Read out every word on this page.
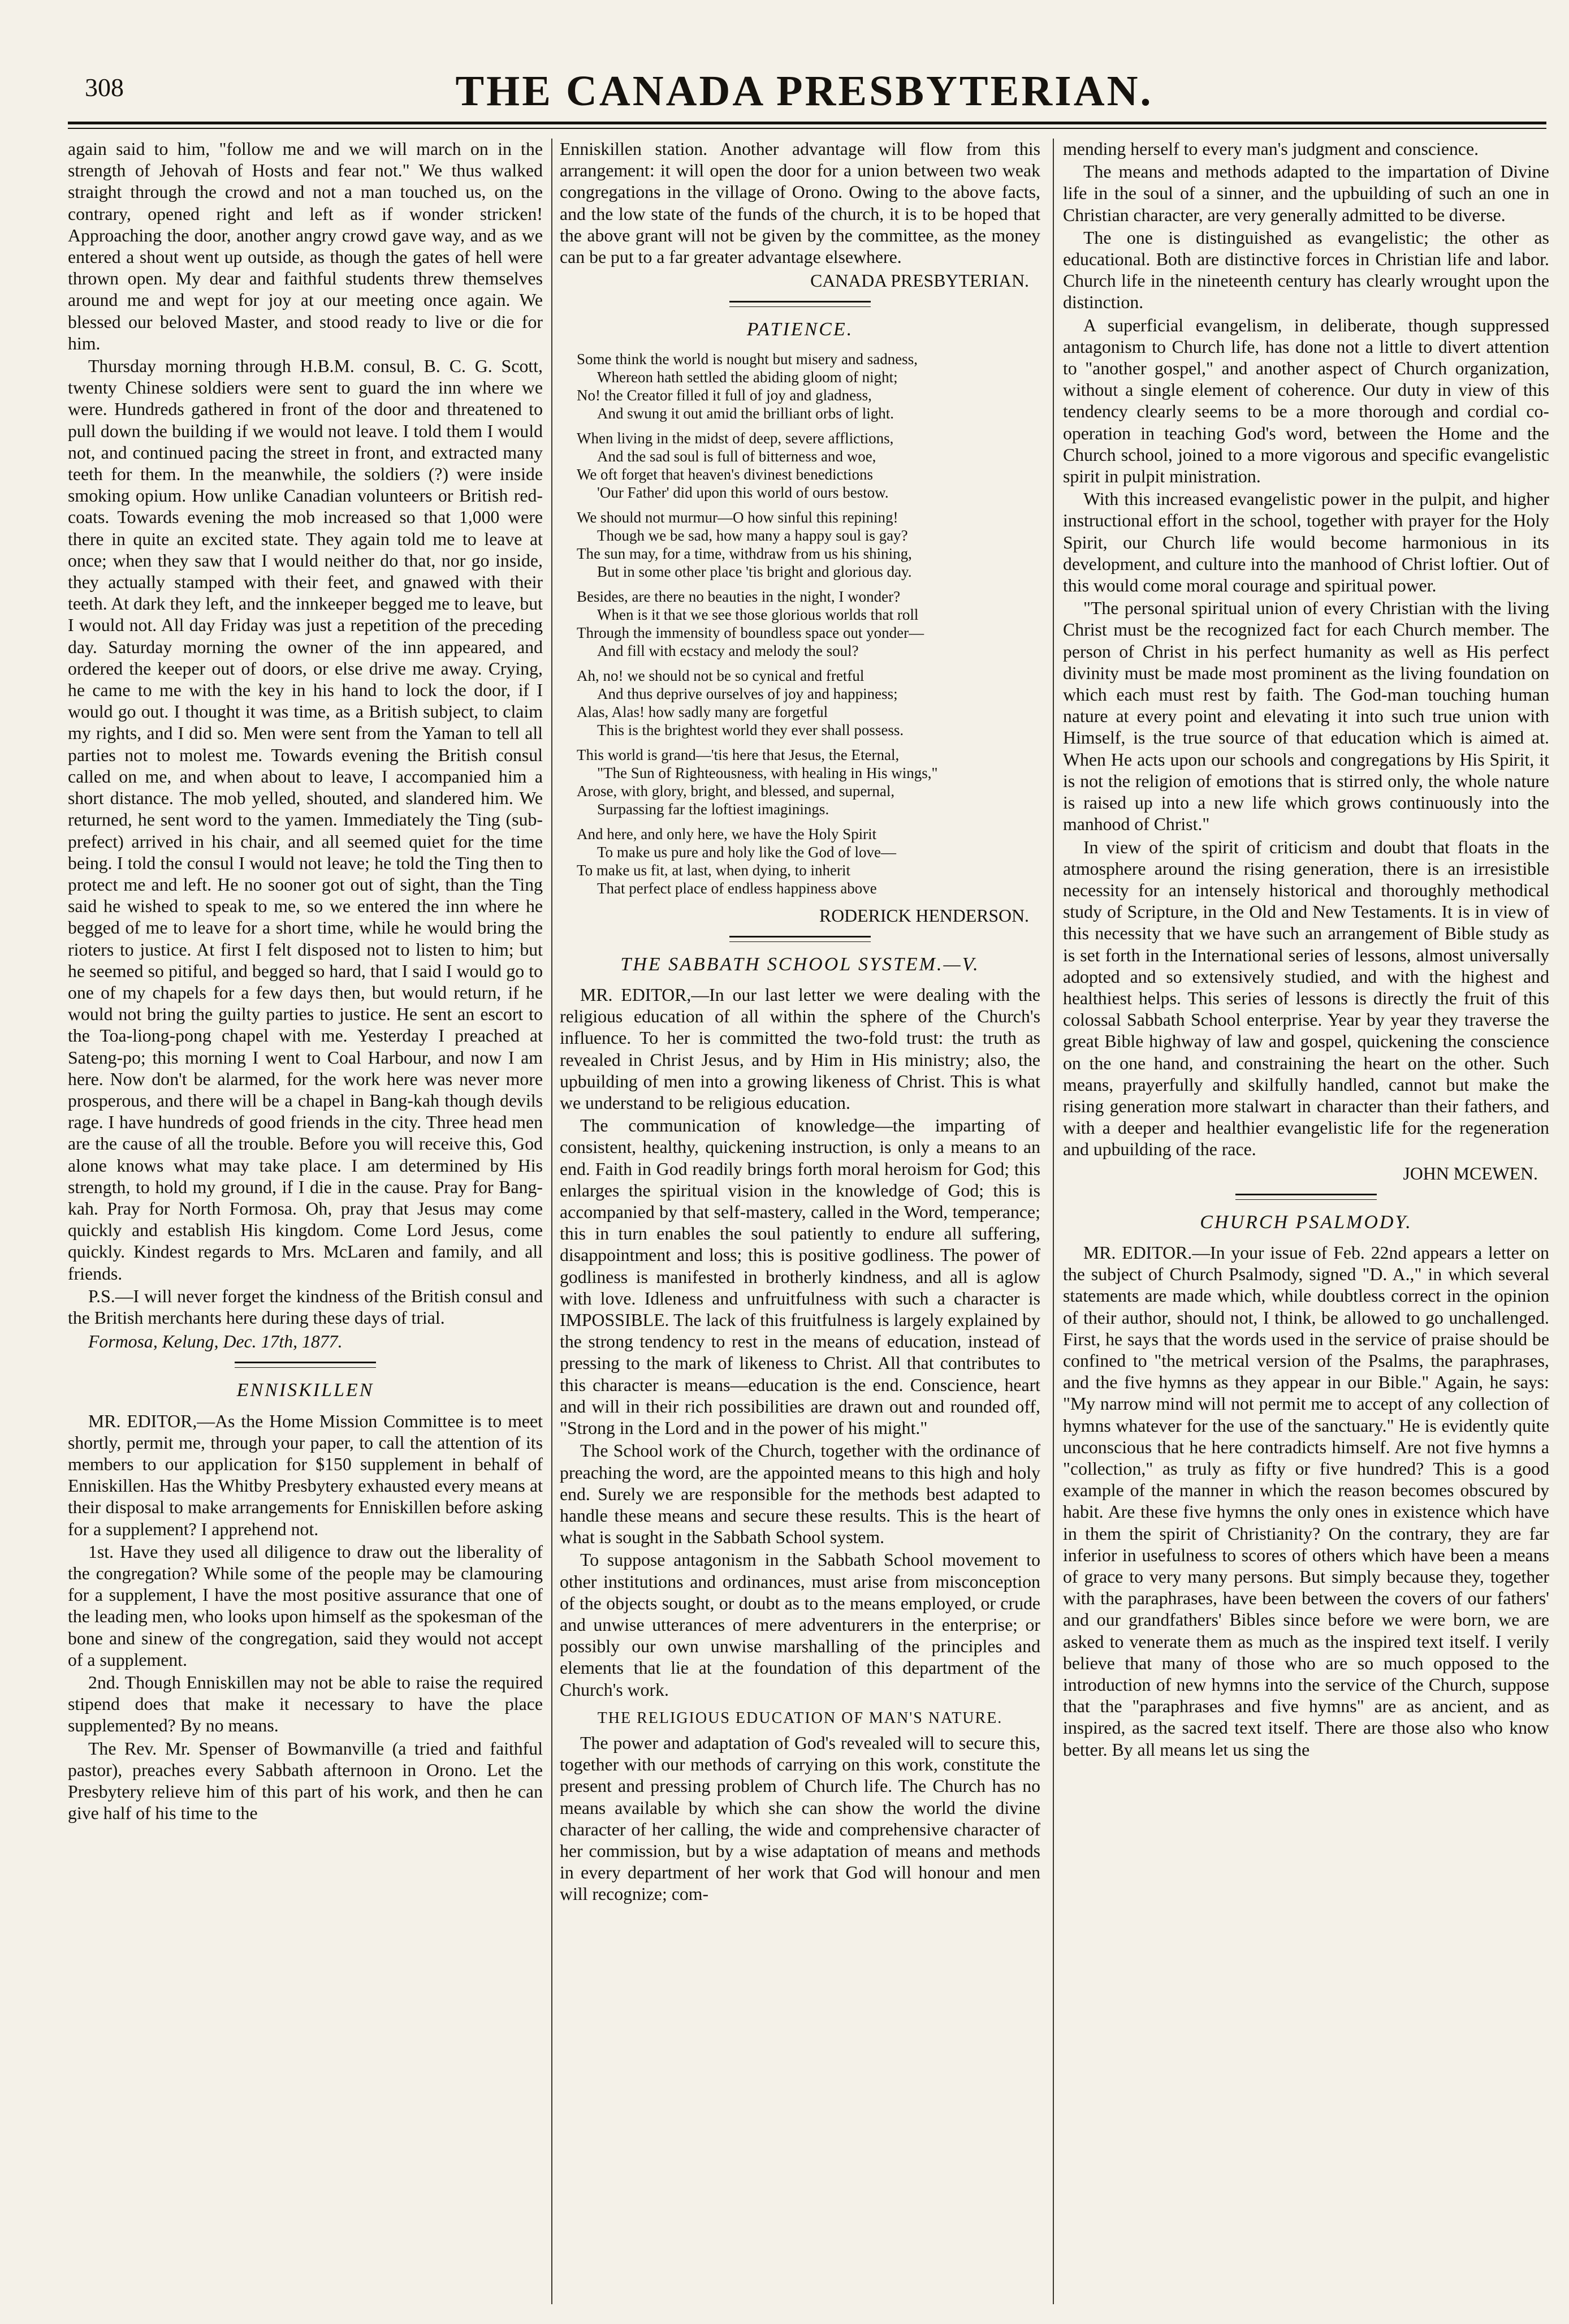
308	THE CANADA PRESBYTERIAN.

again said to him, "follow me and we will march on in the strength of Jehovah of Hosts and fear not." We thus walked straight through the crowd and not a man touched us, on the contrary, opened right and left as if wonder stricken! Approaching the door, another angry crowd gave way, and as we entered a shout went up outside, as though the gates of hell were thrown open. My dear and faithful students threw themselves around me and wept for joy at our meeting once again. We blessed our beloved Master, and stood ready to live or die for him.

Thursday morning through H.B.M. consul, B. C. G. Scott, twenty Chinese soldiers were sent to guard the inn where we were. Hundreds gathered in front of the door and threatened to pull down the building if we would not leave. I told them I would not, and continued pacing the street in front, and extracted many teeth for them. In the meanwhile, the soldiers (?) were inside smoking opium. How unlike Canadian volunteers or British red-coats. Towards evening the mob increased so that 1,000 were there in quite an excited state. They again told me to leave at once; when they saw that I would neither do that, nor go inside, they actually stamped with their feet, and gnawed with their teeth. At dark they left, and the innkeeper begged me to leave, but I would not. All day Friday was just a repetition of the preceding day. Saturday morning the owner of the inn appeared, and ordered the keeper out of doors, or else drive me away. Crying, he came to me with the key in his hand to lock the door, if I would go out. I thought it was time, as a British subject, to claim my rights, and I did so. Men were sent from the Yaman to tell all parties not to molest me. Towards evening the British consul called on me, and when about to leave, I accompanied him a short distance. The mob yelled, shouted, and slandered him. We returned, he sent word to the yamen. Immediately the Ting (sub-prefect) arrived in his chair, and all seemed quiet for the time being. I told the consul I would not leave; he told the Ting then to protect me and left. He no sooner got out of sight, than the Ting said he wished to speak to me, so we entered the inn where he begged of me to leave for a short time, while he would bring the rioters to justice. At first I felt disposed not to listen to him; but he seemed so pitiful, and begged so hard, that I said I would go to one of my chapels for a few days then, but would return, if he would not bring the guilty parties to justice. He sent an escort to the Toa-liong-pong chapel with me. Yesterday I preached at Sateng-po; this morning I went to Coal Harbour, and now I am here. Now don't be alarmed, for the work here was never more prosperous, and there will be a chapel in Bang-kah though devils rage. I have hundreds of good friends in the city. Three head men are the cause of all the trouble. Before you will receive this, God alone knows what may take place. I am determined by His strength, to hold my ground, if I die in the cause. Pray for Bang-kah. Pray for North Formosa. Oh, pray that Jesus may come quickly and establish His kingdom. Come Lord Jesus, come quickly. Kindest regards to Mrs. McLaren and family, and all friends.

P.S.—I will never forget the kindness of the British consul and the British merchants here during these days of trial.

Formosa, Kelung, Dec. 17th, 1877.

ENNISKILLEN

MR. EDITOR,—As the Home Mission Committee is to meet shortly, permit me, through your paper, to call the attention of its members to our application for $150 supplement in behalf of Enniskillen. Has the Whitby Presbytery exhausted every means at their disposal to make arrangements for Enniskillen before asking for a supplement? I apprehend not.

1st. Have they used all diligence to draw out the liberality of the congregation? While some of the people may be clamouring for a supplement, I have the most positive assurance that one of the leading men, who looks upon himself as the spokesman of the bone and sinew of the congregation, said they would not accept of a supplement.

2nd. Though Enniskillen may not be able to raise the required stipend does that make it necessary to have the place supplemented? By no means.

The Rev. Mr. Spenser of Bowmanville (a tried and faithful pastor), preaches every Sabbath afternoon in Orono. Let the Presbytery relieve him of this part of his work, and then he can give half of his time to the

Enniskillen station. Another advantage will flow from this arrangement: it will open the door for a union between two weak congregations in the village of Orono. Owing to the above facts, and the low state of the funds of the church, it is to be hoped that the above grant will not be given by the committee, as the money can be put to a far greater advantage elsewhere.

CANADA PRESBYTERIAN.

PATIENCE.
Some think the world is nought but misery and sadness,
Whereon hath settled the abiding gloom of night;
No! the Creator filled it full of joy and gladness,
And swung it out amid the brilliant orbs of light.
When living in the midst of deep, severe afflictions,
And the sad soul is full of bitterness and woe,
We oft forget that heaven's divinest benedictions
'Our Father' did upon this world of ours bestow.
We should not murmur—O how sinful this repining!
Though we be sad, how many a happy soul is gay?
The sun may, for a time, withdraw from us his shining,
But in some other place 'tis bright and glorious day.
Besides, are there no beauties in the night, I wonder?
When is it that we see those glorious worlds that roll
Through the immensity of boundless space out yonder—
And fill with ecstacy and melody the soul?
Ah, no! we should not be so cynical and fretful
And thus deprive ourselves of joy and happiness;
Alas, Alas! how sadly many are forgetful
This is the brightest world they ever shall possess.
This world is grand—'tis here that Jesus, the Eternal,
"The Sun of Righteousness, with healing in His wings,"
Arose, with glory, bright, and blessed, and supernal,
Surpassing far the loftiest imaginings.
And here, and only here, we have the Holy Spirit
To make us pure and holy like the God of love—
To make us fit, at last, when dying, to inherit
That perfect place of endless happiness above

RODERICK HENDERSON.

THE SABBATH SCHOOL SYSTEM.—V.

MR. EDITOR,—In our last letter we were dealing with the religious education of all within the sphere of the Church's influence. To her is committed the two-fold trust: the truth as revealed in Christ Jesus, and by Him in His ministry; also, the upbuilding of men into a growing likeness of Christ. This is what we understand to be religious education.

The communication of knowledge—the imparting of consistent, healthy, quickening instruction, is only a means to an end. Faith in God readily brings forth moral heroism for God; this enlarges the spiritual vision in the knowledge of God; this is accompanied by that self-mastery, called in the Word, temperance; this in turn enables the soul patiently to endure all suffering, disappointment and loss; this is positive godliness. The power of godliness is manifested in brotherly kindness, and all is aglow with love. Idleness and unfruitfulness with such a character is IMPOSSIBLE. The lack of this fruitfulness is largely explained by the strong tendency to rest in the means of education, instead of pressing to the mark of likeness to Christ. All that contributes to this character is means—education is the end. Conscience, heart and will in their rich possibilities are drawn out and rounded off, "Strong in the Lord and in the power of his might."

The School work of the Church, together with the ordinance of preaching the word, are the appointed means to this high and holy end. Surely we are responsible for the methods best adapted to handle these means and secure these results. This is the heart of what is sought in the Sabbath School system.

To suppose antagonism in the Sabbath School movement to other institutions and ordinances, must arise from misconception of the objects sought, or doubt as to the means employed, or crude and unwise utterances of mere adventurers in the enterprise; or possibly our own unwise marshalling of the principles and elements that lie at the foundation of this department of the Church's work.

THE RELIGIOUS EDUCATION OF MAN'S NATURE.

The power and adaptation of God's revealed will to secure this, together with our methods of carrying on this work, constitute the present and pressing problem of Church life. The Church has no means available by which she can show the world the divine character of her calling, the wide and comprehensive character of her commission, but by a wise adaptation of means and methods in every department of her work that God will honour and men will recognize; com-

mending herself to every man's judgment and conscience.

The means and methods adapted to the impartation of Divine life in the soul of a sinner, and the upbuilding of such an one in Christian character, are very generally admitted to be diverse.

The one is distinguished as evangelistic; the other as educational. Both are distinctive forces in Christian life and labor. Church life in the nineteenth century has clearly wrought upon the distinction.

A superficial evangelism, in deliberate, though suppressed antagonism to Church life, has done not a little to divert attention to "another gospel," and another aspect of Church organization, without a single element of coherence. Our duty in view of this tendency clearly seems to be a more thorough and cordial co-operation in teaching God's word, between the Home and the Church school, joined to a more vigorous and specific evangelistic spirit in pulpit ministration.

With this increased evangelistic power in the pulpit, and higher instructional effort in the school, together with prayer for the Holy Spirit, our Church life would become harmonious in its development, and culture into the manhood of Christ loftier. Out of this would come moral courage and spiritual power.

"The personal spiritual union of every Christian with the living Christ must be the recognized fact for each Church member. The person of Christ in his perfect humanity as well as His perfect divinity must be made most prominent as the living foundation on which each must rest by faith. The God-man touching human nature at every point and elevating it into such true union with Himself, is the true source of that education which is aimed at. When He acts upon our schools and congregations by His Spirit, it is not the religion of emotions that is stirred only, the whole nature is raised up into a new life which grows continuously into the manhood of Christ."

In view of the spirit of criticism and doubt that floats in the atmosphere around the rising generation, there is an irresistible necessity for an intensely historical and thoroughly methodical study of Scripture, in the Old and New Testaments. It is in view of this necessity that we have such an arrangement of Bible study as is set forth in the International series of lessons, almost universally adopted and so extensively studied, and with the highest and healthiest helps. This series of lessons is directly the fruit of this colossal Sabbath School enterprise. Year by year they traverse the great Bible highway of law and gospel, quickening the conscience on the one hand, and constraining the heart on the other. Such means, prayerfully and skilfully handled, cannot but make the rising generation more stalwart in character than their fathers, and with a deeper and healthier evangelistic life for the regeneration and upbuilding of the race.

JOHN MCEWEN.

CHURCH PSALMODY.

MR. EDITOR.—In your issue of Feb. 22nd appears a letter on the subject of Church Psalmody, signed "D. A.," in which several statements are made which, while doubtless correct in the opinion of their author, should not, I think, be allowed to go unchallenged. First, he says that the words used in the service of praise should be confined to "the metrical version of the Psalms, the paraphrases, and the five hymns as they appear in our Bible." Again, he says: "My narrow mind will not permit me to accept of any collection of hymns whatever for the use of the sanctuary." He is evidently quite unconscious that he here contradicts himself. Are not five hymns a "collection," as truly as fifty or five hundred? This is a good example of the manner in which the reason becomes obscured by habit. Are these five hymns the only ones in existence which have in them the spirit of Christianity? On the contrary, they are far inferior in usefulness to scores of others which have been a means of grace to very many persons. But simply because they, together with the paraphrases, have been between the covers of our fathers' and our grandfathers' Bibles since before we were born, we are asked to venerate them as much as the inspired text itself. I verily believe that many of those who are so much opposed to the introduction of new hymns into the service of the Church, suppose that the "paraphrases and five hymns" are as ancient, and as inspired, as the sacred text itself. There are those also who know better. By all means let us sing the
